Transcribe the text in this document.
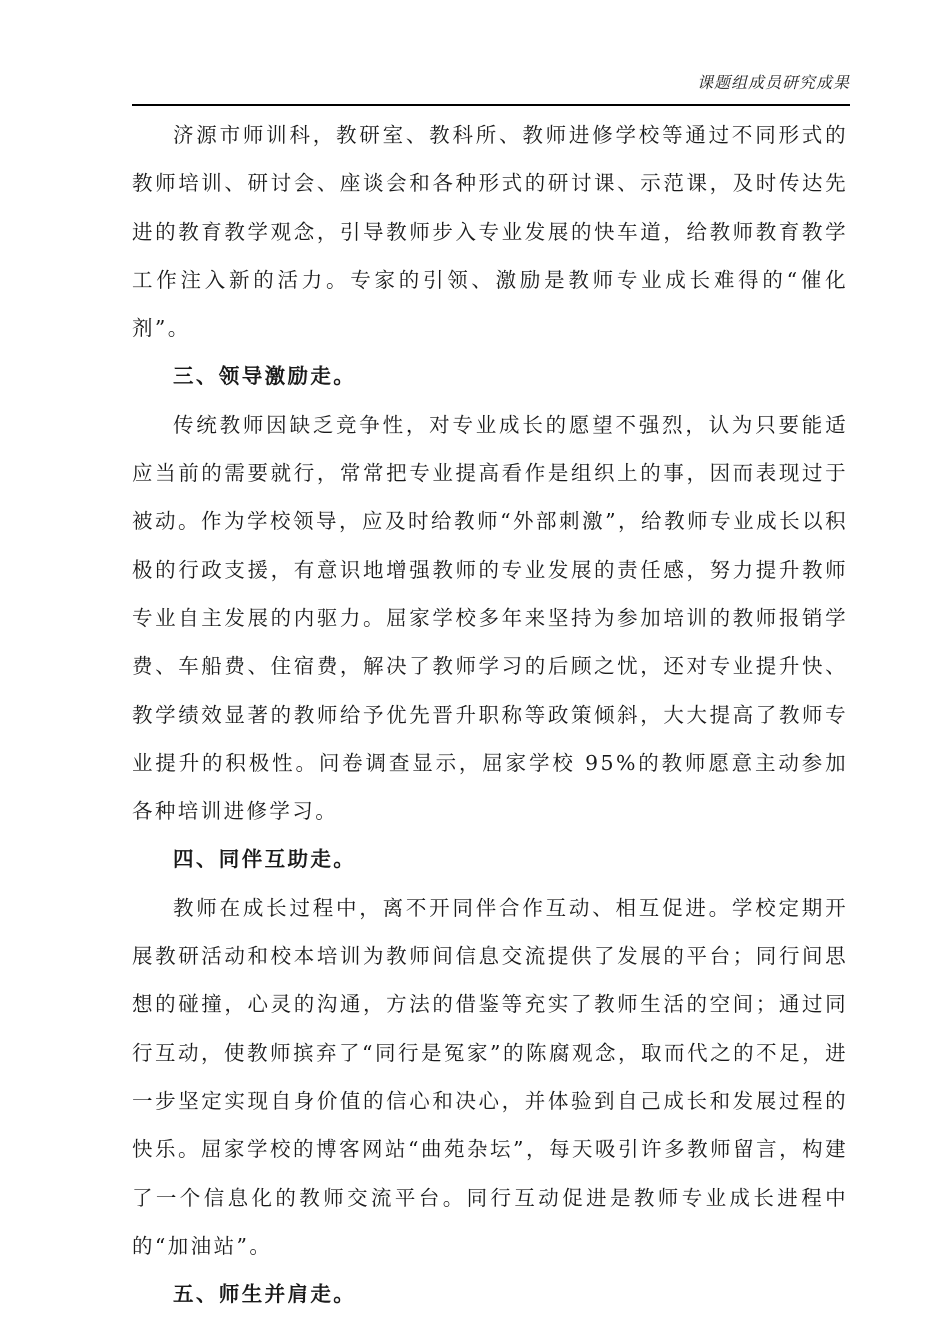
课题组成员研究成果

济源市师训科，教研室、教科所、教师进修学校等通过不同形式的教师培训、研讨会、座谈会和各种形式的研讨课、示范课，及时传达先进的教育教学观念，引导教师步入专业发展的快车道，给教师教育教学工作注入新的活力。专家的引领、激励是教师专业成长难得的“催化剂”。

三、领导激励走。

传统教师因缺乏竞争性，对专业成长的愿望不强烈，认为只要能适应当前的需要就行，常常把专业提高看作是组织上的事，因而表现过于被动。作为学校领导，应及时给教师“外部刺激”，给教师专业成长以积极的行政支援，有意识地增强教师的专业发展的责任感，努力提升教师专业自主发展的内驱力。屈家学校多年来坚持为参加培训的教师报销学费、车船费、住宿费，解决了教师学习的后顾之忧，还对专业提升快、教学绩效显著的教师给予优先晋升职称等政策倾斜，大大提高了教师专业提升的积极性。问卷调查显示，屈家学校 95%的教师愿意主动参加各种培训进修学习。

四、同伴互助走。

教师在成长过程中，离不开同伴合作互动、相互促进。学校定期开展教研活动和校本培训为教师间信息交流提供了发展的平台；同行间思想的碰撞，心灵的沟通，方法的借鉴等充实了教师生活的空间；通过同行互动，使教师摈弃了“同行是冤家”的陈腐观念，取而代之的不足，进一步坚定实现自身价值的信心和决心，并体验到自己成长和发展过程的快乐。屈家学校的博客网站“曲苑杂坛”，每天吸引许多教师留言，构建了一个信息化的教师交流平台。同行互动促进是教师专业成长进程中的“加油站”。

五、师生并肩走。
